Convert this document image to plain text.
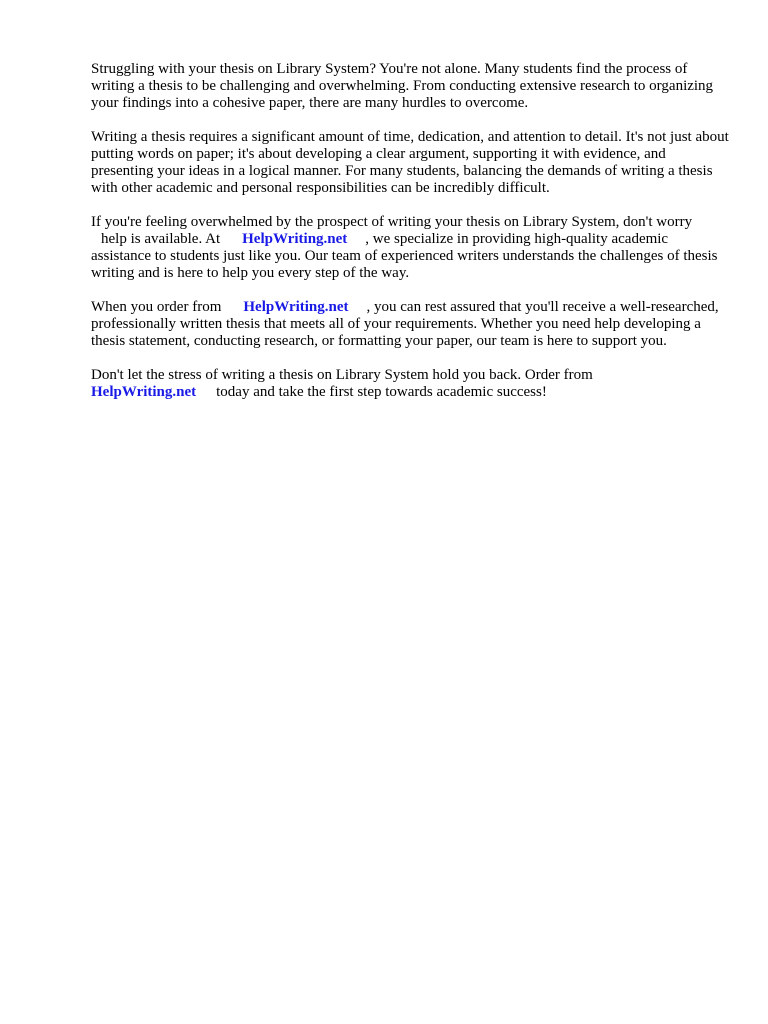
Struggling with your thesis on Library System? You're not alone. Many students find the process of writing a thesis to be challenging and overwhelming. From conducting extensive research to organizing your findings into a cohesive paper, there are many hurdles to overcome.

Writing a thesis requires a significant amount of time, dedication, and attention to detail. It's not just about putting words on paper; it's about developing a clear argument, supporting it with evidence, and presenting your ideas in a logical manner. For many students, balancing the demands of writing a thesis with other academic and personal responsibilities can be incredibly difficult.

If you're feeling overwhelmed by the prospect of writing your thesis on Library System, don't worry
help is available. At HelpWriting.net , we specialize in providing high-quality academic assistance to students just like you. Our team of experienced writers understands the challenges of thesis writing and is here to help you every step of the way.

When you order from HelpWriting.net , you can rest assured that you'll receive a well-researched, professionally written thesis that meets all of your requirements. Whether you need help developing a thesis statement, conducting research, or formatting your paper, our team is here to support you.

Don't let the stress of writing a thesis on Library System hold you back. Order from
HelpWriting.net today and take the first step towards academic success!
